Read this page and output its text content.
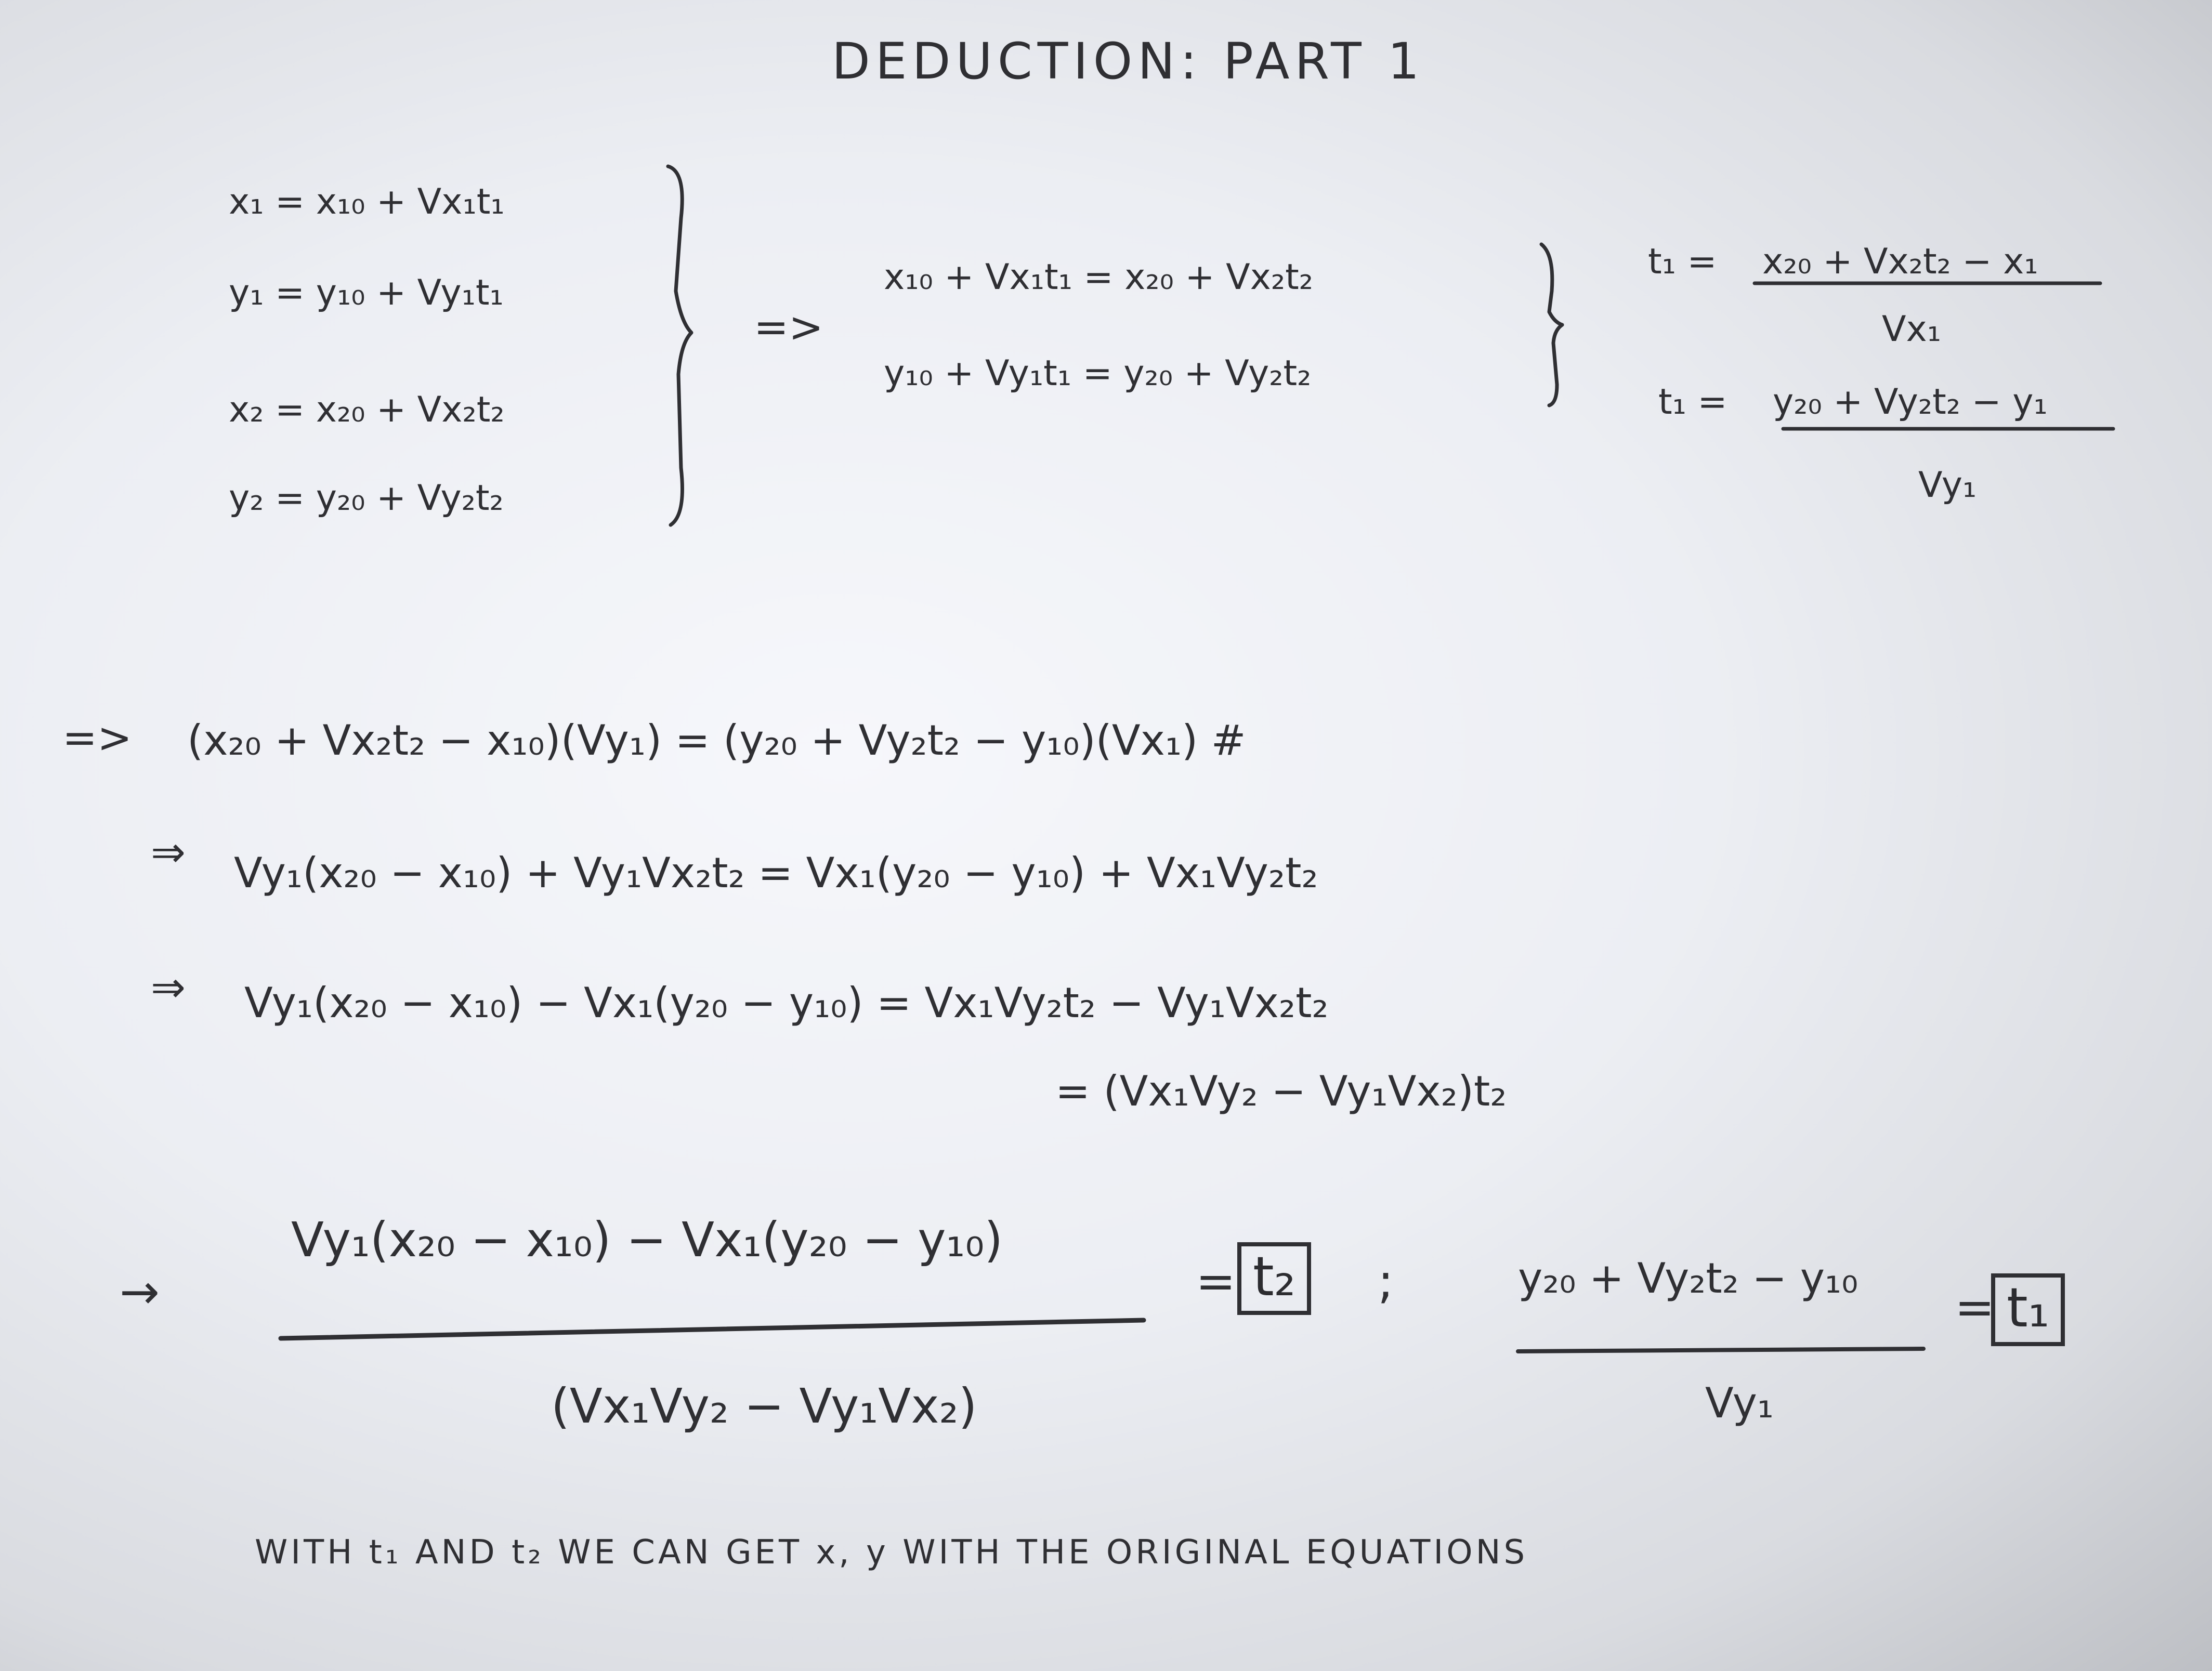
DEDUCTION: PART 1
x₁ = x₁₀ + Vx₁t₁
y₁ = y₁₀ + Vy₁t₁
x₂ = x₂₀ + Vx₂t₂
y₂ = y₂₀ + Vy₂t₂
=>
x₁₀ + Vx₁t₁ = x₂₀ + Vx₂t₂
y₁₀ + Vy₁t₁ = y₂₀ + Vy₂t₂
t₁ = x₂₀ + Vx₂t₂ − x₁
Vx₁
t₁ = y₂₀ + Vy₂t₂ − y₁
Vy₁
=> (x₂₀ + Vx₂t₂ − x₁₀)(Vy₁) = (y₂₀ + Vy₂t₂ − y₁₀)(Vx₁) #
⇒ Vy₁(x₂₀ − x₁₀) + Vy₁Vx₂t₂ = Vx₁(y₂₀ − y₁₀) + Vx₁Vy₂t₂
⇒ Vy₁(x₂₀ − x₁₀) − Vx₁(y₂₀ − y₁₀) = Vx₁Vy₂t₂ − Vy₁Vx₂t₂
= (Vx₁Vy₂ − Vy₁Vx₂)t₂
→
Vy₁(x₂₀ − x₁₀) − Vx₁(y₂₀ − y₁₀)
(Vx₁Vy₂ − Vy₁Vx₂)
= t₂	;	y₂₀ + Vy₂t₂ − y₁₀
Vy₁
= t₁
WITH t₁ AND t₂ WE CAN GET x, y WITH THE ORIGINAL EQUATIONS
